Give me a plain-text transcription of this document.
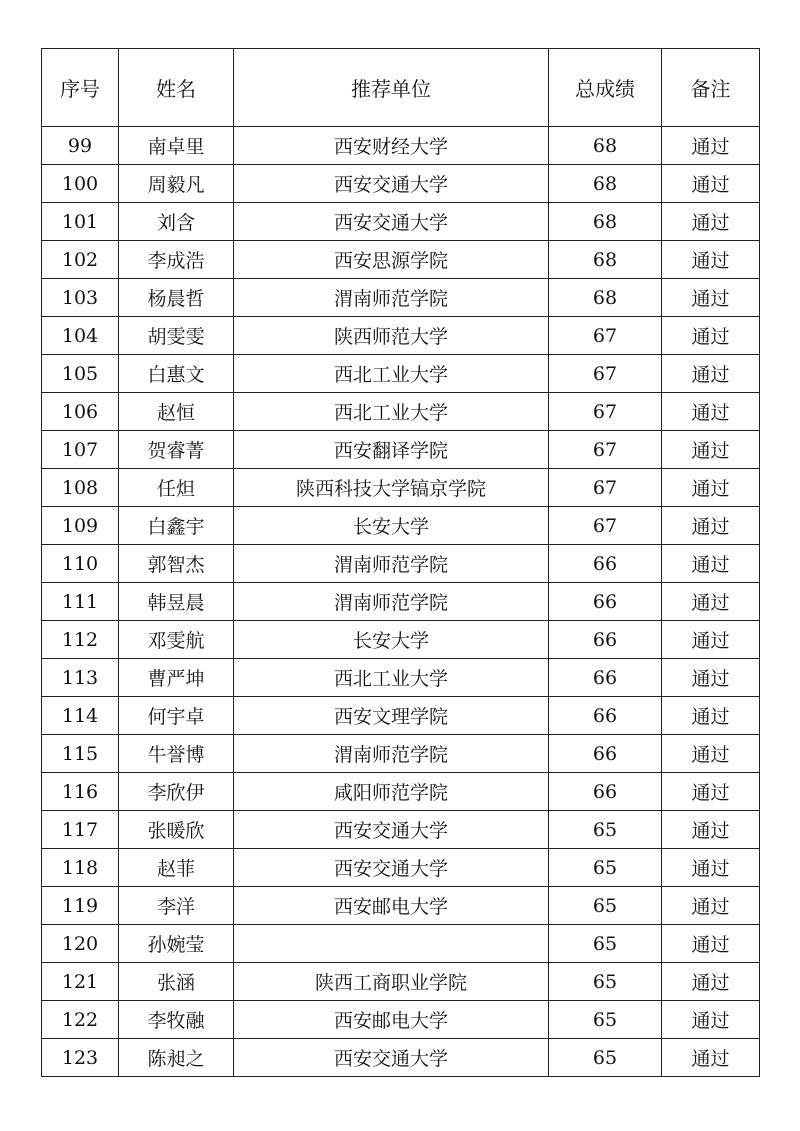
序号	姓名	推荐单位	总成绩	备注
99	南卓里	西安财经大学	68	通过
100	周毅凡	西安交通大学	68	通过
101	刘含	西安交通大学	68	通过
102	李成浩	西安思源学院	68	通过
103	杨晨哲	渭南师范学院	68	通过
104	胡雯雯	陕西师范大学	67	通过
105	白惠文	西北工业大学	67	通过
106	赵恒	西北工业大学	67	通过
107	贺睿菁	西安翻译学院	67	通过
108	任炟	陕西科技大学镐京学院	67	通过
109	白鑫宇	长安大学	67	通过
110	郭智杰	渭南师范学院	66	通过
111	韩昱晨	渭南师范学院	66	通过
112	邓雯航	长安大学	66	通过
113	曹严坤	西北工业大学	66	通过
114	何宇卓	西安文理学院	66	通过
115	牛誉博	渭南师范学院	66	通过
116	李欣伊	咸阳师范学院	66	通过
117	张暖欣	西安交通大学	65	通过
118	赵菲	西安交通大学	65	通过
119	李洋	西安邮电大学	65	通过
120	孙婉莹		65	通过
121	张涵	陕西工商职业学院	65	通过
122	李牧融	西安邮电大学	65	通过
123	陈昶之	西安交通大学	65	通过
